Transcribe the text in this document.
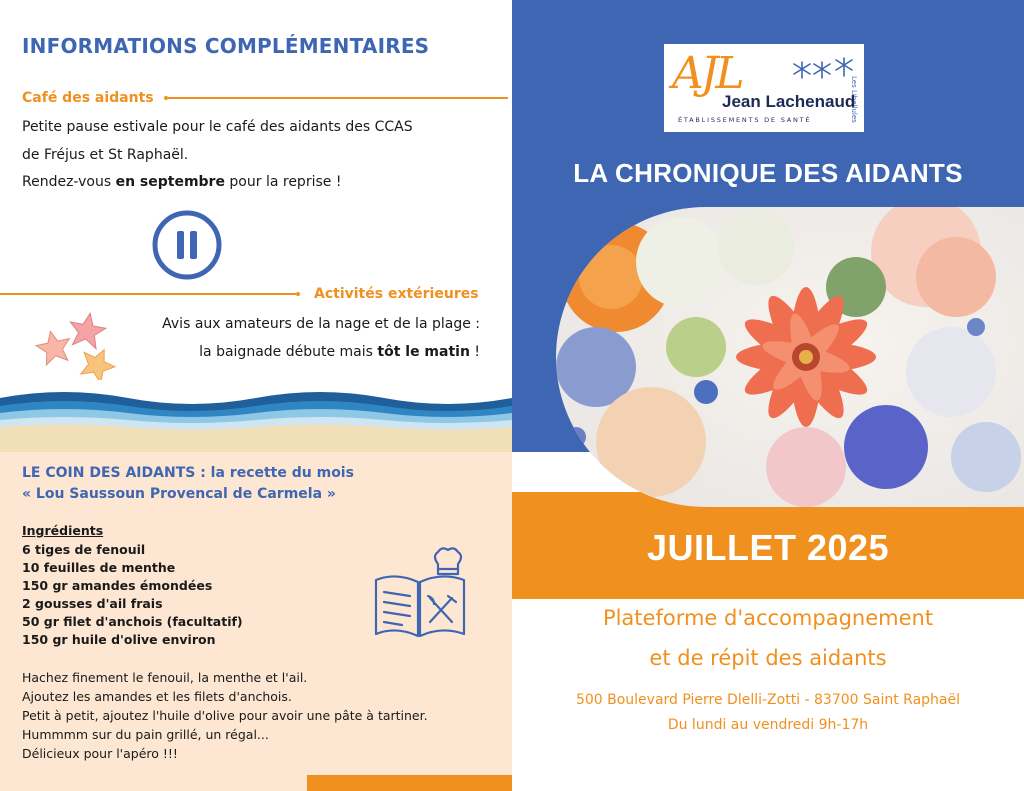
INFORMATIONS COMPLÉMENTAIRES
Café des aidants
Petite pause estivale pour le café des aidants des CCAS
de Fréjus et St Raphaël.
Rendez-vous en septembre pour la reprise !
Activités extérieures
Avis aux amateurs de la nage et de la plage :
la baignade débute mais tôt le matin !
LE COIN DES AIDANTS : la recette du mois
« Lou Saussoun Provencal de Carmela »
Ingrédients
6 tiges de fenouil
10 feuilles de menthe
150 gr amandes émondées
2 gousses d'ail frais
50 gr filet d'anchois (facultatif)
150 gr huile d'olive environ
Hachez finement le fenouil, la menthe et l'ail.
Ajoutez les amandes et les filets d'anchois.
Petit à petit, ajoutez l'huile d'olive pour avoir une pâte à tartiner.
Hummmm sur du pain grillé, un régal...
Délicieux pour l'apéro !!!
AJL
Les Libellules
Jean Lachenaud
ÉTABLISSEMENTS DE SANTÉ
LA CHRONIQUE DES AIDANTS
JUILLET 2025
Plateforme d'accompagnement
et de répit des aidants
500 Boulevard Pierre Dlelli-Zotti - 83700 Saint Raphaël
Du lundi au vendredi 9h-17h
